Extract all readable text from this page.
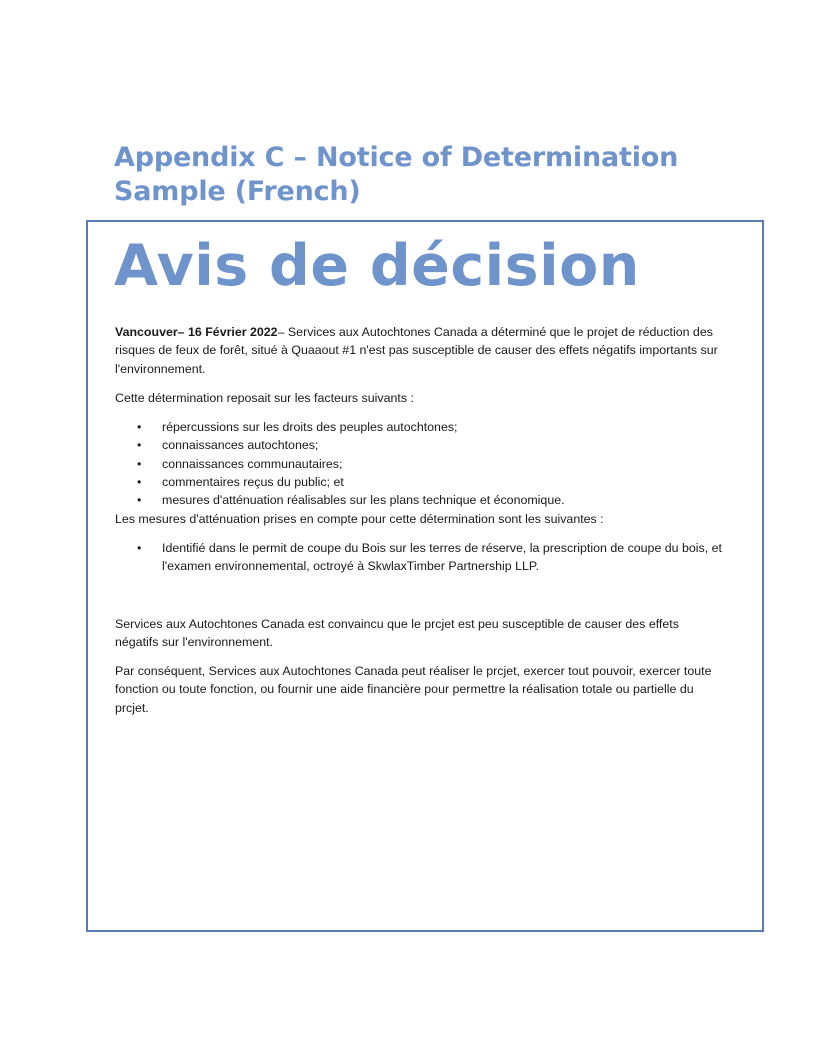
Appendix C – Notice of Determination Sample (French)
Avis de décision

Vancouver– 16 Février 2022– Services aux Autochtones Canada a déterminé que le projet de réduction des risques de feux de forêt, situé à Quaaout #1 n'est pas susceptible de causer des effets négatifs importants sur l'environnement.

Cette détermination reposait sur les facteurs suivants :

• répercussions sur les droits des peuples autochtones;
• connaissances autochtones;
• connaissances communautaires;
• commentaires reçus du public; et
• mesures d'atténuation réalisables sur les plans technique et économique.

Les mesures d'atténuation prises en compte pour cette détermination sont les suivantes :

• Identifié dans le permit de coupe du Bois sur les terres de réserve, la prescription de coupe du bois, et l'examen environnemental, octroyé à SkwlaxTimber Partnership LLP.

Services aux Autochtones Canada est convaincu que le prcjet est peu susceptible de causer des effets négatifs sur l'environnement.

Par conséquent, Services aux Autochtones Canada peut réaliser le prcjet, exercer tout pouvoir, exercer toute fonction ou toute fonction, ou fournir une aide financière pour permettre la réalisation totale ou partielle du prcjet.
